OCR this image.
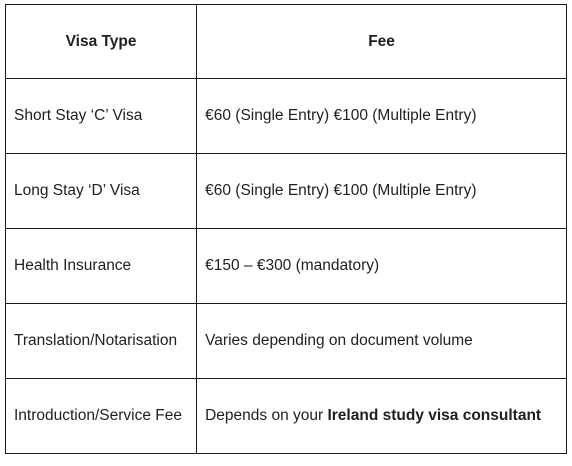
Visa Type	Fee
Short Stay ‘C’ Visa	€60 (Single Entry) €100 (Multiple Entry)
Long Stay ‘D’ Visa	€60 (Single Entry) €100 (Multiple Entry)
Health Insurance	€150 – €300 (mandatory)
Translation/Notarisation	Varies depending on document volume
Introduction/Service Fee	Depends on your Ireland study visa consultant
